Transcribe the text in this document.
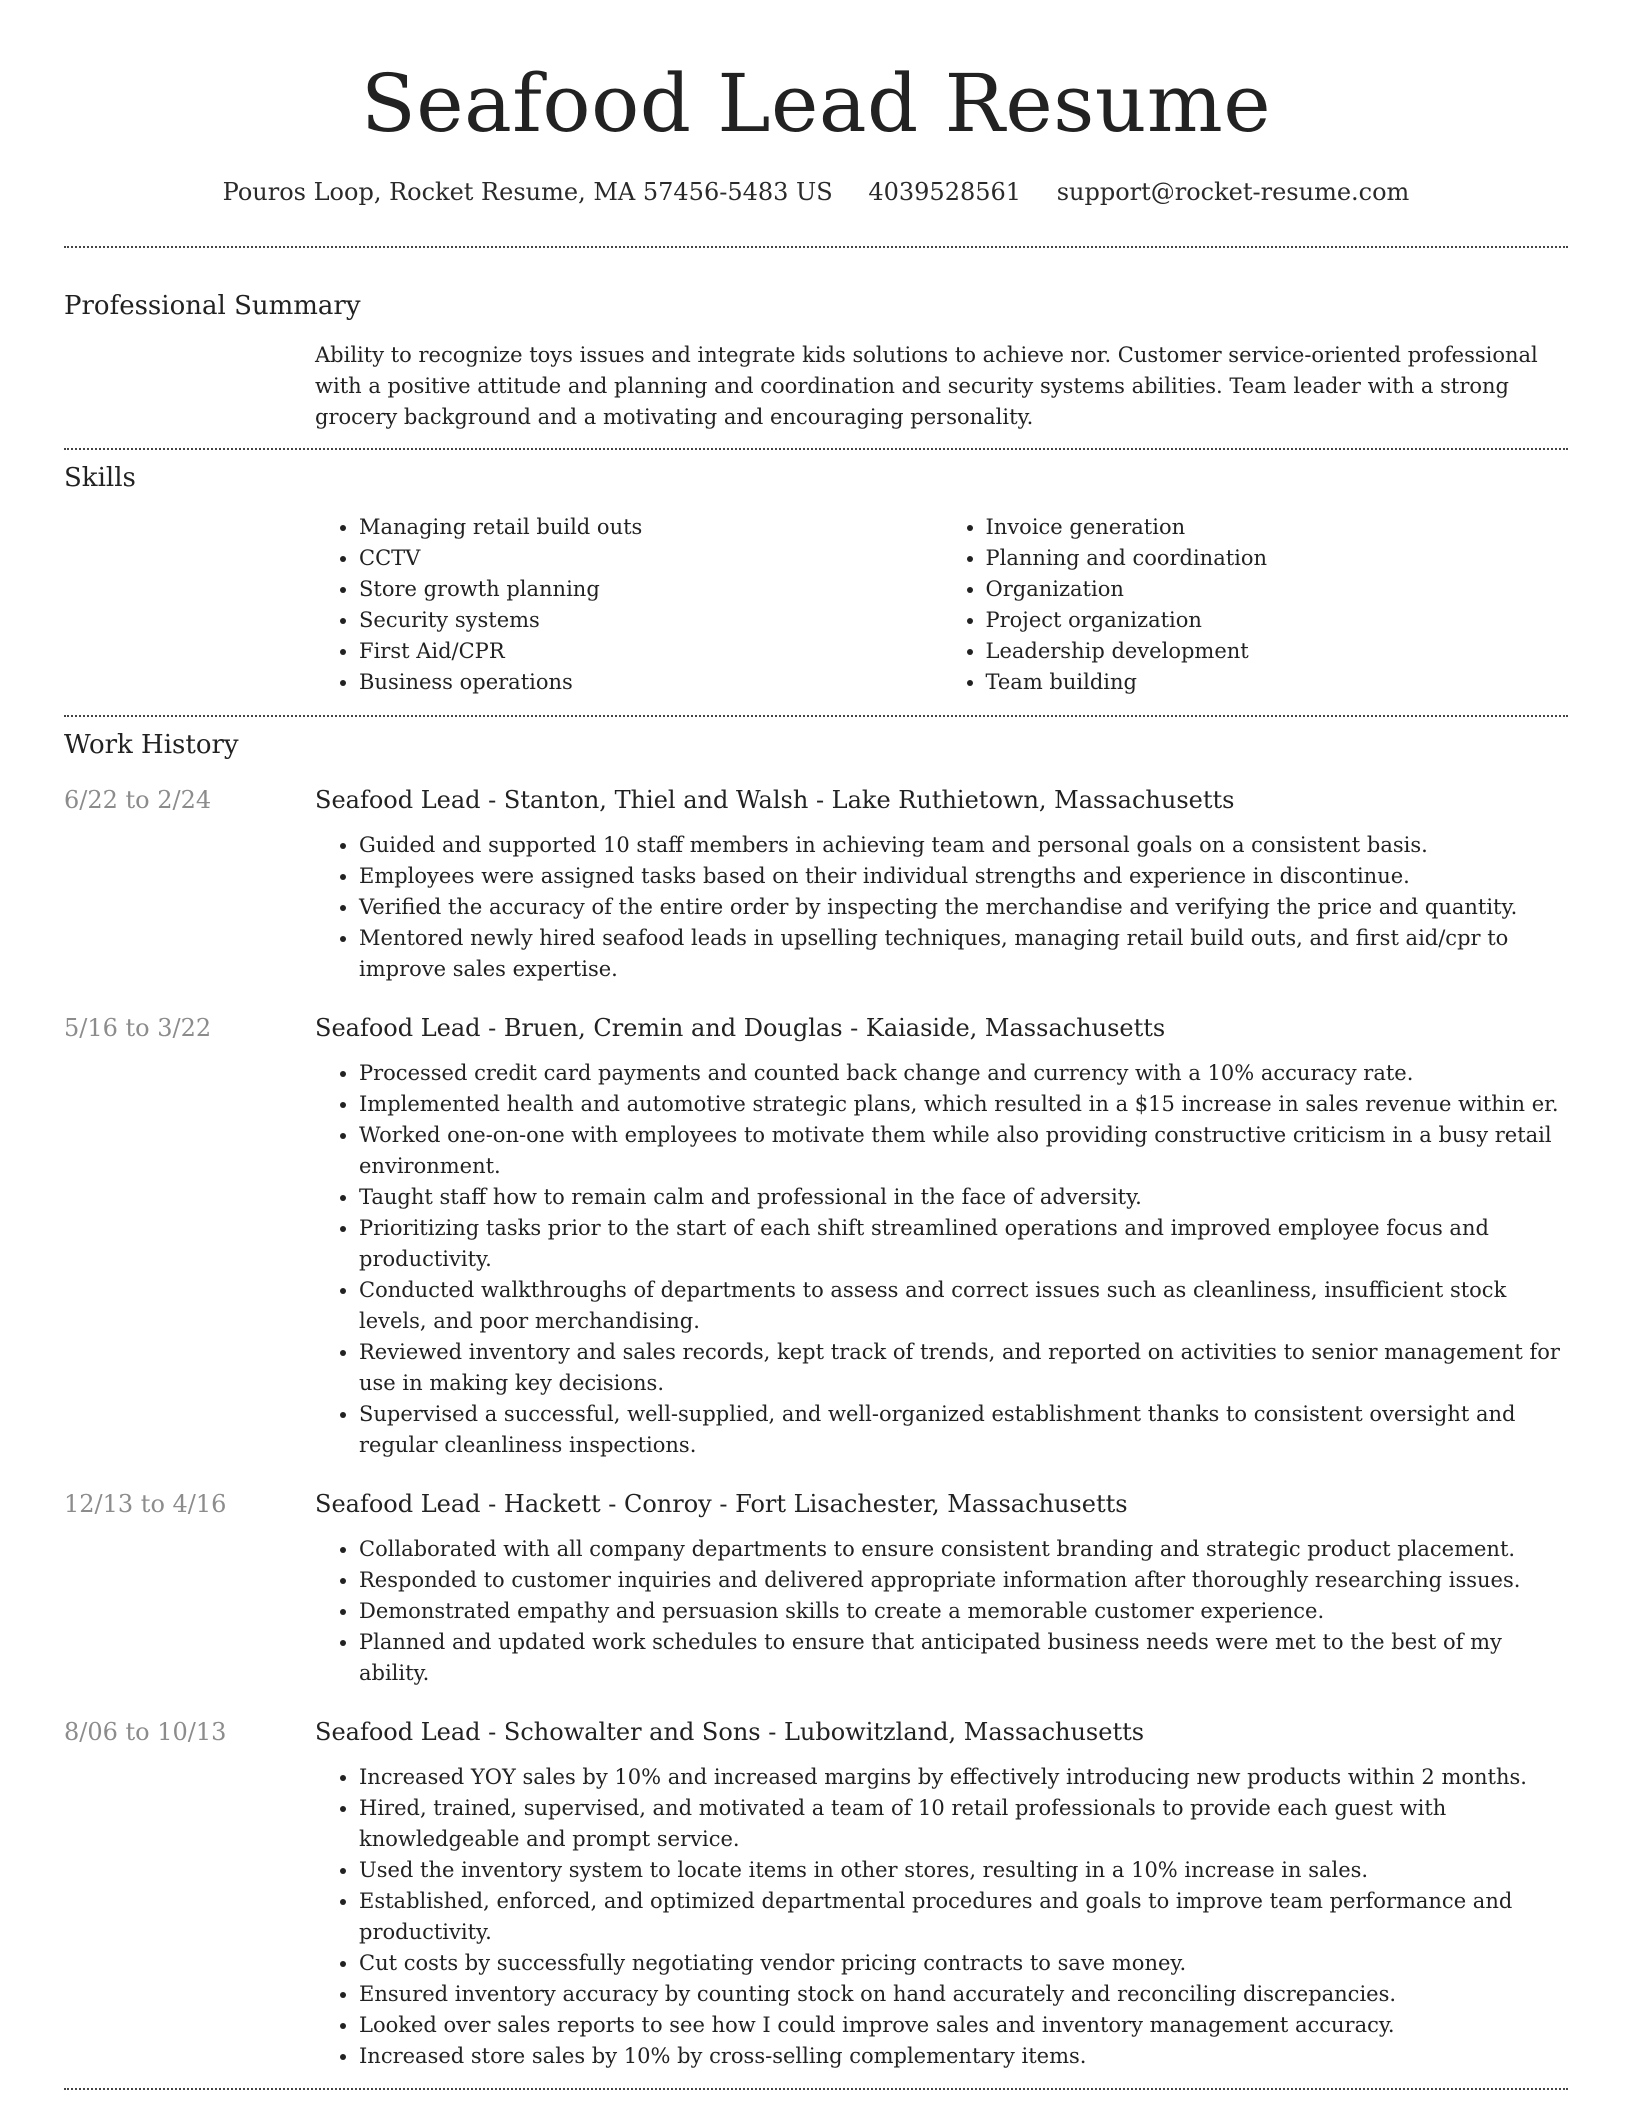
Seafood Lead Resume
Pouros Loop, Rocket Resume, MA 57456-5483 US 4039528561 support@rocket-resume.com
Professional Summary

Ability to recognize toys issues and integrate kids solutions to achieve nor. Customer service-oriented professional with a positive attitude and planning and coordination and security systems abilities. Team leader with a strong grocery background and a motivating and encouraging personality.

Skills
• Managing retail build outs
• CCTV
• Store growth planning
• Security systems
• First Aid/CPR
• Business operations
• Invoice generation
• Planning and coordination
• Organization
• Project organization
• Leadership development
• Team building
Work History
6/22 to 2/24	Seafood Lead - Stanton, Thiel and Walsh - Lake Ruthietown, Massachusetts
• Guided and supported 10 staff members in achieving team and personal goals on a consistent basis.
• Employees were assigned tasks based on their individual strengths and experience in discontinue.
• Verified the accuracy of the entire order by inspecting the merchandise and verifying the price and quantity.
• Mentored newly hired seafood leads in upselling techniques, managing retail build outs, and first aid/cpr to improve sales expertise.
5/16 to 3/22	Seafood Lead - Bruen, Cremin and Douglas - Kaiaside, Massachusetts
• Processed credit card payments and counted back change and currency with a 10% accuracy rate.
• Implemented health and automotive strategic plans, which resulted in a $15 increase in sales revenue within er.
• Worked one-on-one with employees to motivate them while also providing constructive criticism in a busy retail environment.
• Taught staff how to remain calm and professional in the face of adversity.
• Prioritizing tasks prior to the start of each shift streamlined operations and improved employee focus and productivity.
• Conducted walkthroughs of departments to assess and correct issues such as cleanliness, insufficient stock levels, and poor merchandising.
• Reviewed inventory and sales records, kept track of trends, and reported on activities to senior management for use in making key decisions.
• Supervised a successful, well-supplied, and well-organized establishment thanks to consistent oversight and regular cleanliness inspections.
12/13 to 4/16	Seafood Lead - Hackett - Conroy - Fort Lisachester, Massachusetts
• Collaborated with all company departments to ensure consistent branding and strategic product placement.
• Responded to customer inquiries and delivered appropriate information after thoroughly researching issues.
• Demonstrated empathy and persuasion skills to create a memorable customer experience.
• Planned and updated work schedules to ensure that anticipated business needs were met to the best of my ability.
8/06 to 10/13	Seafood Lead - Schowalter and Sons - Lubowitzland, Massachusetts
• Increased YOY sales by 10% and increased margins by effectively introducing new products within 2 months.
• Hired, trained, supervised, and motivated a team of 10 retail professionals to provide each guest with knowledgeable and prompt service.
• Used the inventory system to locate items in other stores, resulting in a 10% increase in sales.
• Established, enforced, and optimized departmental procedures and goals to improve team performance and productivity.
• Cut costs by successfully negotiating vendor pricing contracts to save money.
• Ensured inventory accuracy by counting stock on hand accurately and reconciling discrepancies.
• Looked over sales reports to see how I could improve sales and inventory management accuracy.
• Increased store sales by 10% by cross-selling complementary items.
